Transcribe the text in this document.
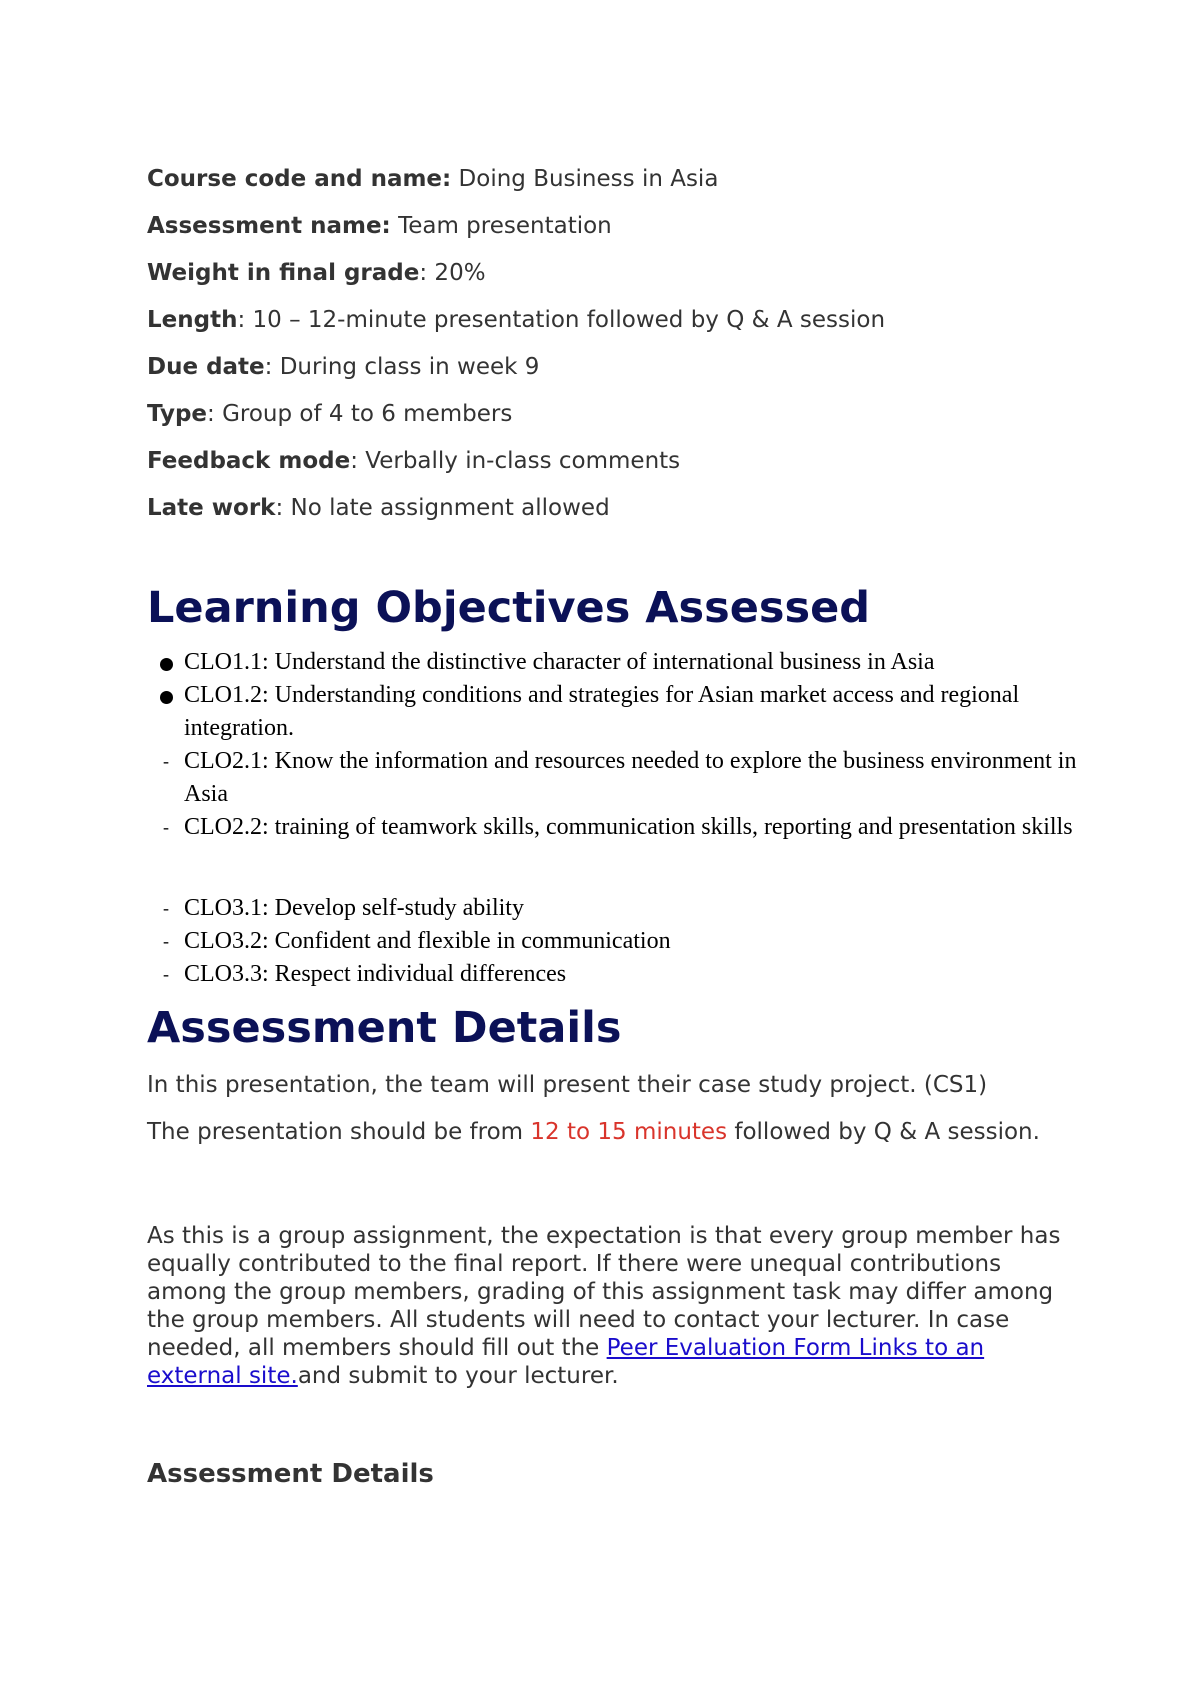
Course code and name: Doing Business in Asia
Assessment name: Team presentation
Weight in final grade: 20%
Length: 10 – 12-minute presentation followed by Q & A session
Due date: During class in week 9
Type: Group of 4 to 6 members
Feedback mode: Verbally in-class comments
Late work: No late assignment allowed
Learning Objectives Assessed
CLO1.1: Understand the distinctive character of international business in Asia
CLO1.2: Understanding conditions and strategies for Asian market access and regional integration.
- CLO2.1: Know the information and resources needed to explore the business environment in Asia
- CLO2.2: training of teamwork skills, communication skills, reporting and presentation skills
- CLO3.1: Develop self-study ability
- CLO3.2: Confident and flexible in communication
- CLO3.3: Respect individual differences
Assessment Details
In this presentation, the team will present their case study project. (CS1)
The presentation should be from 12 to 15 minutes followed by Q & A session.
As this is a group assignment, the expectation is that every group member has equally contributed to the final report. If there were unequal contributions among the group members, grading of this assignment task may differ among the group members. All students will need to contact your lecturer. In case needed, all members should fill out the Peer Evaluation Form Links to an external site.and submit to your lecturer.
Assessment Details
